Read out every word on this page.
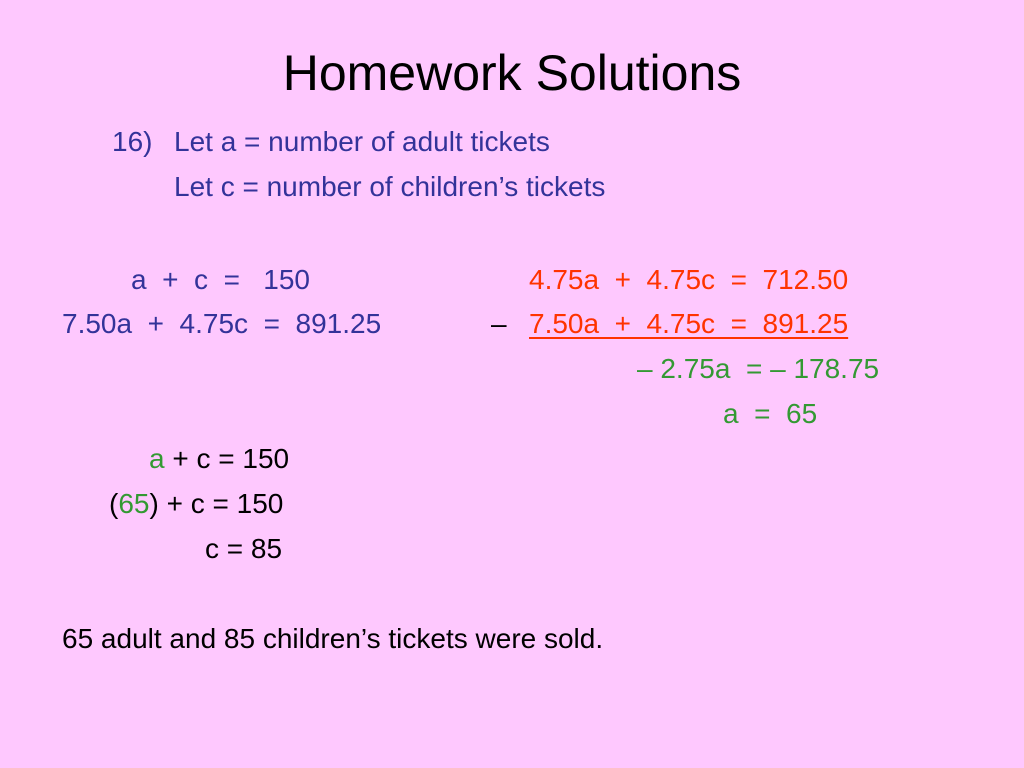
Homework Solutions
16) Let a = number of adult tickets
Let c = number of children’s tickets
a  +  c  =   150
7.50a  +  4.75c  =  891.25	–
4.75a  +  4.75c  =  712.50
7.50a  +  4.75c  =  891.25
– 2.75a  = – 178.75
a  =  65
a + c = 150
(65) + c = 150
c = 85
65 adult and 85 children’s tickets were sold.
